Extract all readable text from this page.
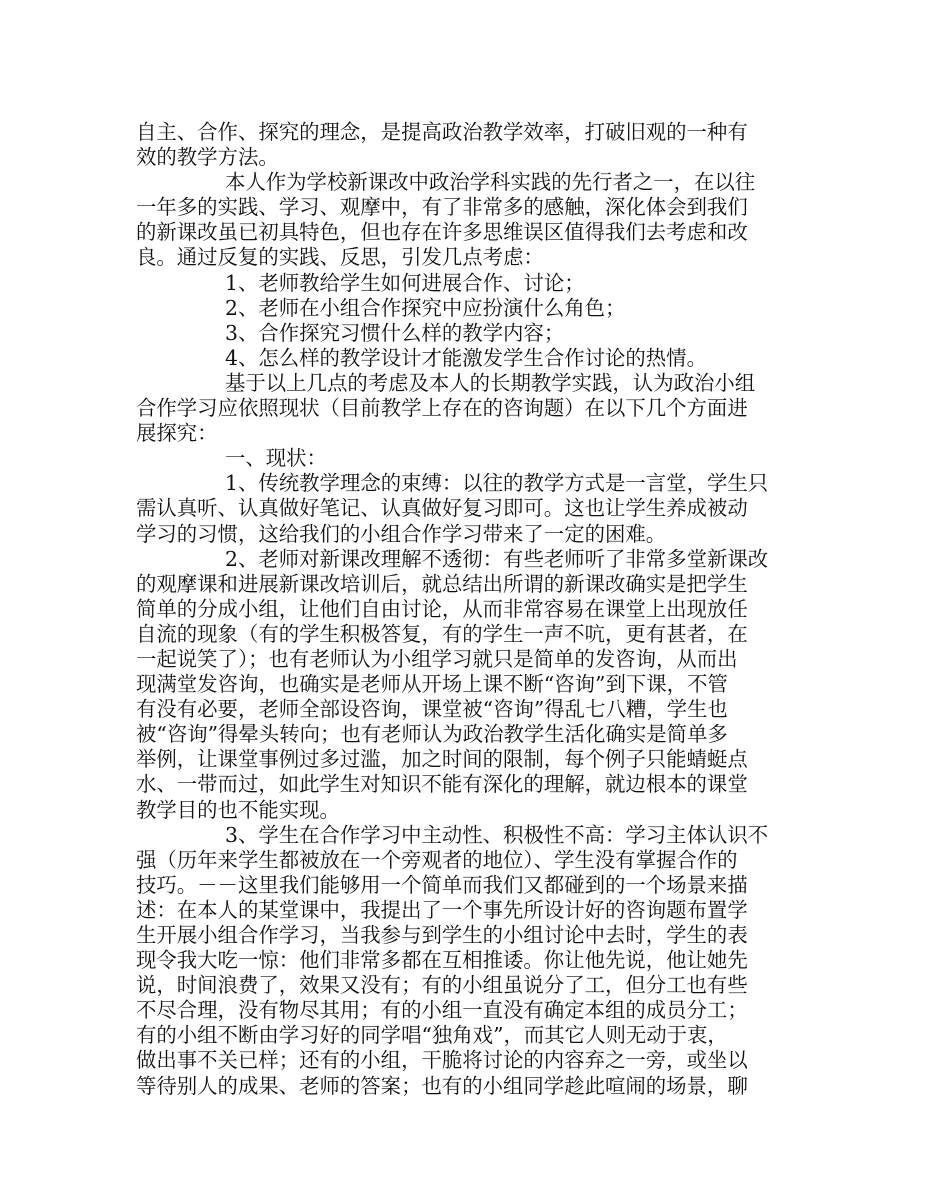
自主、合作、探究的理念，是提高政治教学效率，打破旧观的一种有
效的教学方法。
本人作为学校新课改中政治学科实践的先行者之一，在以往
一年多的实践、学习、观摩中，有了非常多的感触，深化体会到我们
的新课改虽已初具特色，但也存在许多思维误区值得我们去考虑和改
良。通过反复的实践、反思，引发几点考虑：
1、老师教给学生如何进展合作、讨论；
2、老师在小组合作探究中应扮演什么角色；
3、合作探究习惯什么样的教学内容；
4、怎么样的教学设计才能激发学生合作讨论的热情。
基于以上几点的考虑及本人的长期教学实践，认为政治小组
合作学习应依照现状（目前教学上存在的咨询题）在以下几个方面进
展探究：
一、现状：
1、传统教学理念的束缚：以往的教学方式是一言堂，学生只
需认真听、认真做好笔记、认真做好复习即可。这也让学生养成被动
学习的习惯，这给我们的小组合作学习带来了一定的困难。
2、老师对新课改理解不透彻：有些老师听了非常多堂新课改
的观摩课和进展新课改培训后，就总结出所谓的新课改确实是把学生
简单的分成小组，让他们自由讨论，从而非常容易在课堂上出现放任
自流的现象（有的学生积极答复，有的学生一声不吭，更有甚者，在
一起说笑了）；也有老师认为小组学习就只是简单的发咨询，从而出
现满堂发咨询，也确实是老师从开场上课不断“咨询”到下课，不管
有没有必要，老师全部设咨询，课堂被“咨询”得乱七八糟，学生也
被“咨询”得晕头转向；也有老师认为政治教学生活化确实是简单多
举例，让课堂事例过多过滥，加之时间的限制，每个例子只能蜻蜓点
水、一带而过，如此学生对知识不能有深化的理解，就边根本的课堂
教学目的也不能实现。
3、学生在合作学习中主动性、积极性不高：学习主体认识不
强（历年来学生都被放在一个旁观者的地位）、学生没有掌握合作的
技巧。－－这里我们能够用一个简单而我们又都碰到的一个场景来描
述：在本人的某堂课中，我提出了一个事先所设计好的咨询题布置学
生开展小组合作学习，当我参与到学生的小组讨论中去时，学生的表
现令我大吃一惊：他们非常多都在互相推诿。你让他先说，他让她先
说，时间浪费了，效果又没有；有的小组虽说分了工，但分工也有些
不尽合理，没有物尽其用；有的小组一直没有确定本组的成员分工；
有的小组不断由学习好的同学唱“独角戏”，而其它人则无动于衷，
做出事不关已样；还有的小组，干脆将讨论的内容弃之一旁，或坐以
等待别人的成果、老师的答案；也有的小组同学趁此喧闹的场景，聊
